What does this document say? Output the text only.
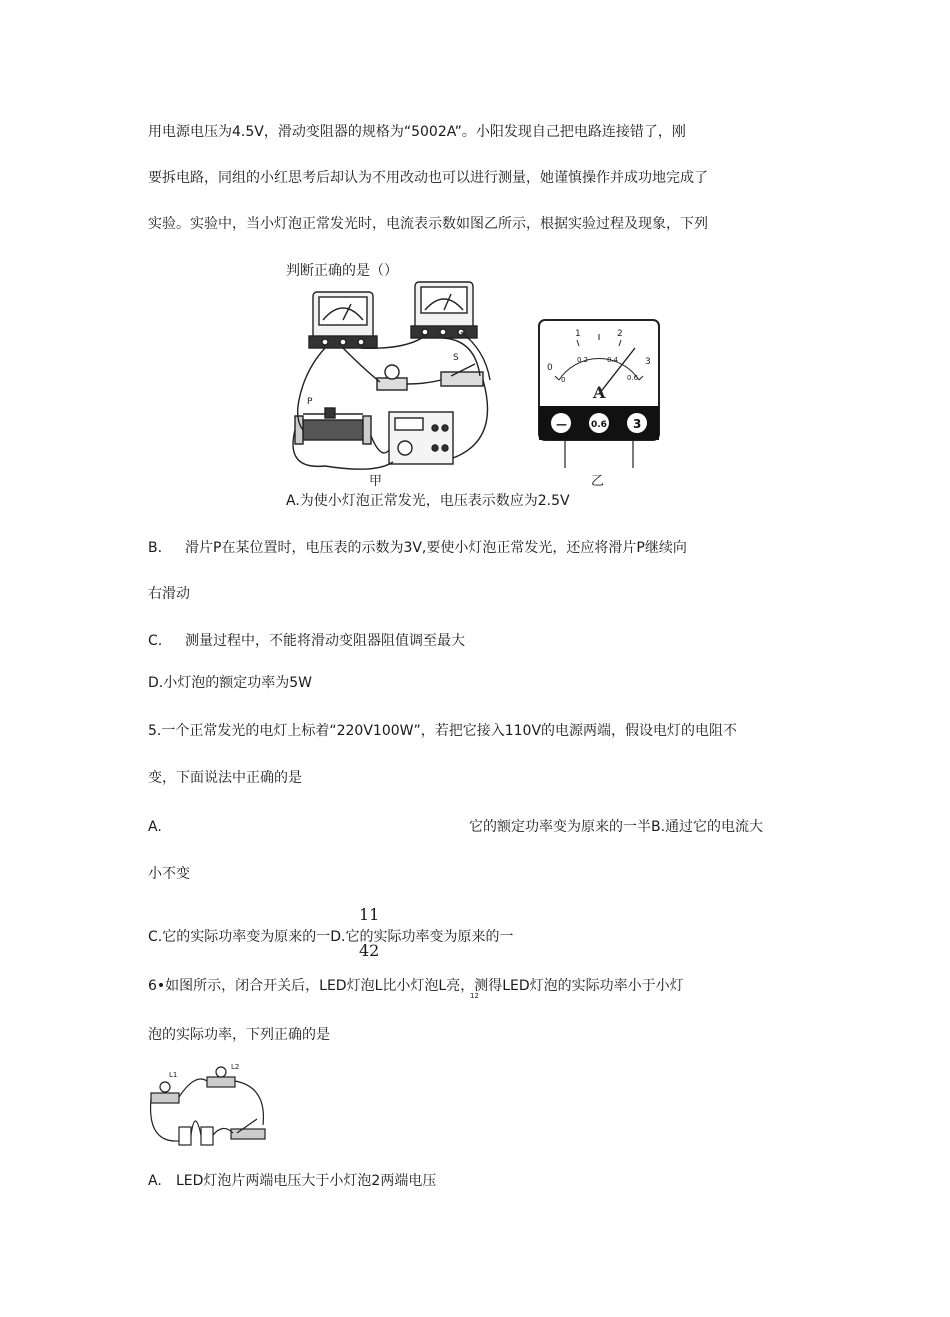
用电源电压为4.5V，滑动变阻器的规格为“5002A”。小阳发现自己把电路连接错了，刚
要拆电路，同组的小红思考后却认为不用改动也可以进行测量，她谨慎操作并成功地完成了
实验。实验中，当小灯泡正常发光时，电流表示数如图乙所示，根据实验过程及现象，下列
判断正确的是（）
P
S
甲
0
1	2
3
0
0.2	0.4
0.6
A
—	0.6 3
乙
A.为使小灯泡正常发光，电压表示数应为2.5V
B. 滑片P在某位置时，电压表的示数为3V,要使小灯泡正常发光，还应将滑片P继续向
右滑动
C. 测量过程中，不能将滑动变阻器阻值调至最大
D.小灯泡的额定功率为5W
5.一个正常发光的电灯上标着“220V100W”，若把它接入110V的电源两端，假设电灯的电阻不
变，下面说法中正确的是
A.	它的额定功率变为原来的一半B.通过它的电流大
小不变
11
C.它的实际功率变为原来的一D.它的实际功率变为原来的一
42
6•如图所示，闭合开关后，LED灯泡L比小灯泡L亮，测得LED灯泡的实际功率小于小灯
12
泡的实际功率，下列正确的是
L1
L2
A. LED灯泡片两端电压大于小灯泡2两端电压
